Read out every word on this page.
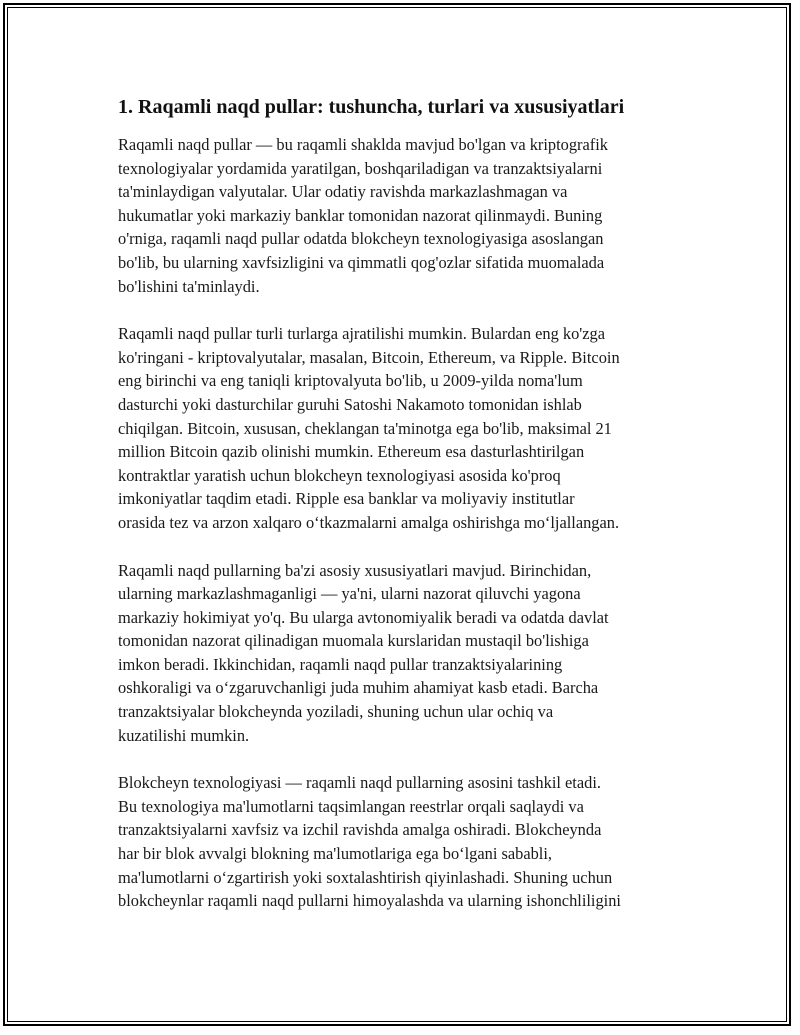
1. Raqamli naqd pullar: tushuncha, turlari va xususiyatlari

Raqamli naqd pullar — bu raqamli shaklda mavjud bo'lgan va kriptografik
texnologiyalar yordamida yaratilgan, boshqariladigan va tranzaktsiyalarni
ta'minlaydigan valyutalar. Ular odatiy ravishda markazlashmagan va
hukumatlar yoki markaziy banklar tomonidan nazorat qilinmaydi. Buning
o'rniga, raqamli naqd pullar odatda blokcheyn texnologiyasiga asoslangan
bo'lib, bu ularning xavfsizligini va qimmatli qog'ozlar sifatida muomalada
bo'lishini ta'minlaydi.

Raqamli naqd pullar turli turlarga ajratilishi mumkin. Bulardan eng ko'zga
ko'ringani - kriptovalyutalar, masalan, Bitcoin, Ethereum, va Ripple. Bitcoin
eng birinchi va eng taniqli kriptovalyuta bo'lib, u 2009-yilda noma'lum
dasturchi yoki dasturchilar guruhi Satoshi Nakamoto tomonidan ishlab
chiqilgan. Bitcoin, xususan, cheklangan ta'minotga ega bo'lib, maksimal 21
million Bitcoin qazib olinishi mumkin. Ethereum esa dasturlashtirilgan
kontraktlar yaratish uchun blokcheyn texnologiyasi asosida ko'proq
imkoniyatlar taqdim etadi. Ripple esa banklar va moliyaviy institutlar
orasida tez va arzon xalqaro o‘tkazmalarni amalga oshirishga mo‘ljallangan.

Raqamli naqd pullarning ba'zi asosiy xususiyatlari mavjud. Birinchidan,
ularning markazlashmaganligi — ya'ni, ularni nazorat qiluvchi yagona
markaziy hokimiyat yo'q. Bu ularga avtonomiyalik beradi va odatda davlat
tomonidan nazorat qilinadigan muomala kurslaridan mustaqil bo'lishiga
imkon beradi. Ikkinchidan, raqamli naqd pullar tranzaktsiyalarining
oshkoraligi va o‘zgaruvchanligi juda muhim ahamiyat kasb etadi. Barcha
tranzaktsiyalar blokcheynda yoziladi, shuning uchun ular ochiq va
kuzatilishi mumkin.

Blokcheyn texnologiyasi — raqamli naqd pullarning asosini tashkil etadi.
Bu texnologiya ma'lumotlarni taqsimlangan reestrlar orqali saqlaydi va
tranzaktsiyalarni xavfsiz va izchil ravishda amalga oshiradi. Blokcheynda
har bir blok avvalgi blokning ma'lumotlariga ega bo‘lgani sababli,
ma'lumotlarni o‘zgartirish yoki soxtalashtirish qiyinlashadi. Shuning uchun
blokcheynlar raqamli naqd pullarni himoyalashda va ularning ishonchliligini
